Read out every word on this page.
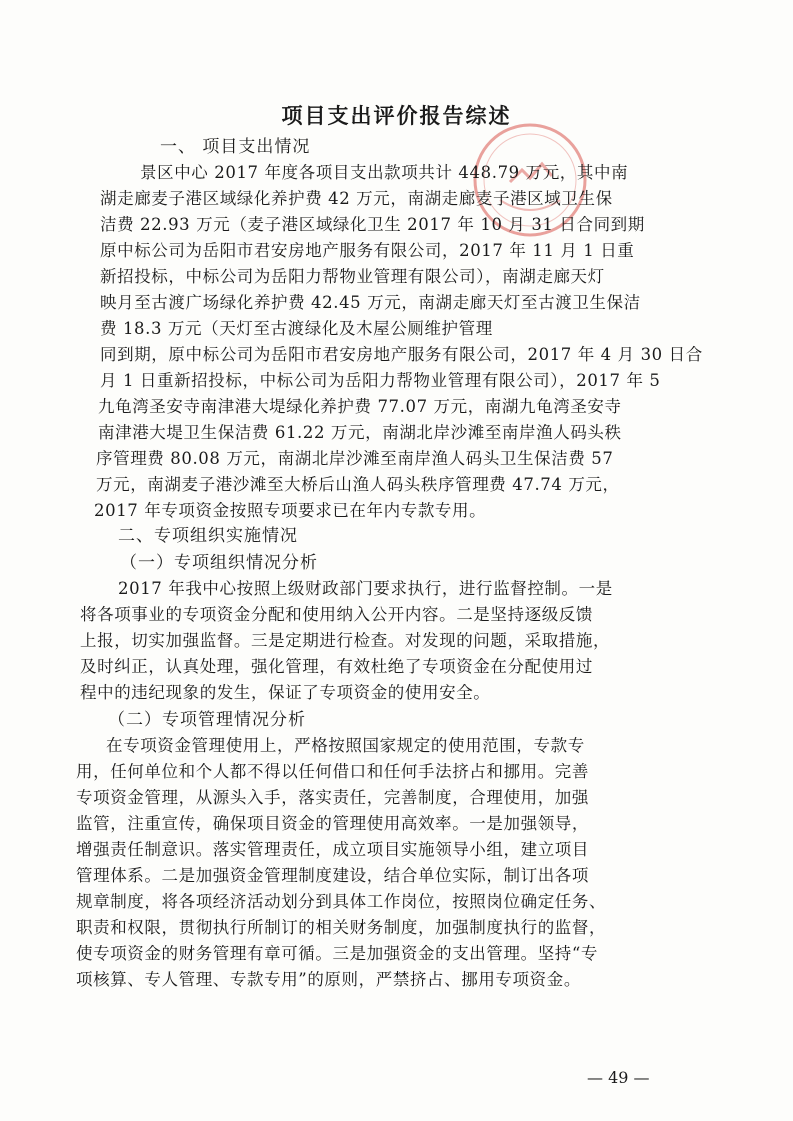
项目支出评价报告综述
一、 项目支出情况
景区中心 2017 年度各项目支出款项共计 448.79 万元，其中南
湖走廊麦子港区域绿化养护费 42 万元，南湖走廊麦子港区域卫生保
洁费 22.93 万元（麦子港区域绿化卫生 2017 年 10 月 31 日合同到期
原中标公司为岳阳市君安房地产服务有限公司，2017 年 11 月 1 日重
新招投标，中标公司为岳阳力帮物业管理有限公司），南湖走廊天灯
映月至古渡广场绿化养护费 42.45 万元，南湖走廊天灯至古渡卫生保洁
费 18.3 万元（天灯至古渡绿化及木屋公厕维护管理
同到期，原中标公司为岳阳市君安房地产服务有限公司，2017 年 4 月 30 日合
月 1 日重新招投标，中标公司为岳阳力帮物业管理有限公司），2017 年 5
九龟湾圣安寺南津港大堤绿化养护费 77.07 万元，南湖九龟湾圣安寺
南津港大堤卫生保洁费 61.22 万元，南湖北岸沙滩至南岸渔人码头秩
序管理费 80.08 万元，南湖北岸沙滩至南岸渔人码头卫生保洁费 57
万元，南湖麦子港沙滩至大桥后山渔人码头秩序管理费 47.74 万元，
2017 年专项资金按照专项要求已在年内专款专用。
二、专项组织实施情况
（一）专项组织情况分析
2017 年我中心按照上级财政部门要求执行，进行监督控制。一是
将各项事业的专项资金分配和使用纳入公开内容。二是坚持逐级反馈
上报，切实加强监督。三是定期进行检查。对发现的问题，采取措施，
及时纠正，认真处理，强化管理，有效杜绝了专项资金在分配使用过
程中的违纪现象的发生，保证了专项资金的使用安全。
（二）专项管理情况分析
在专项资金管理使用上，严格按照国家规定的使用范围，专款专
用，任何单位和个人都不得以任何借口和任何手法挤占和挪用。完善
专项资金管理，从源头入手，落实责任，完善制度，合理使用，加强
监管，注重宣传，确保项目资金的管理使用高效率。一是加强领导，
增强责任制意识。落实管理责任，成立项目实施领导小组，建立项目
管理体系。二是加强资金管理制度建设，结合单位实际，制订出各项
规章制度，将各项经济活动划分到具体工作岗位，按照岗位确定任务、
职责和权限，贯彻执行所制订的相关财务制度，加强制度执行的监督，
使专项资金的财务管理有章可循。三是加强资金的支出管理。坚持“专
项核算、专人管理、专款专用”的原则，严禁挤占、挪用专项资金。
— 49 —
